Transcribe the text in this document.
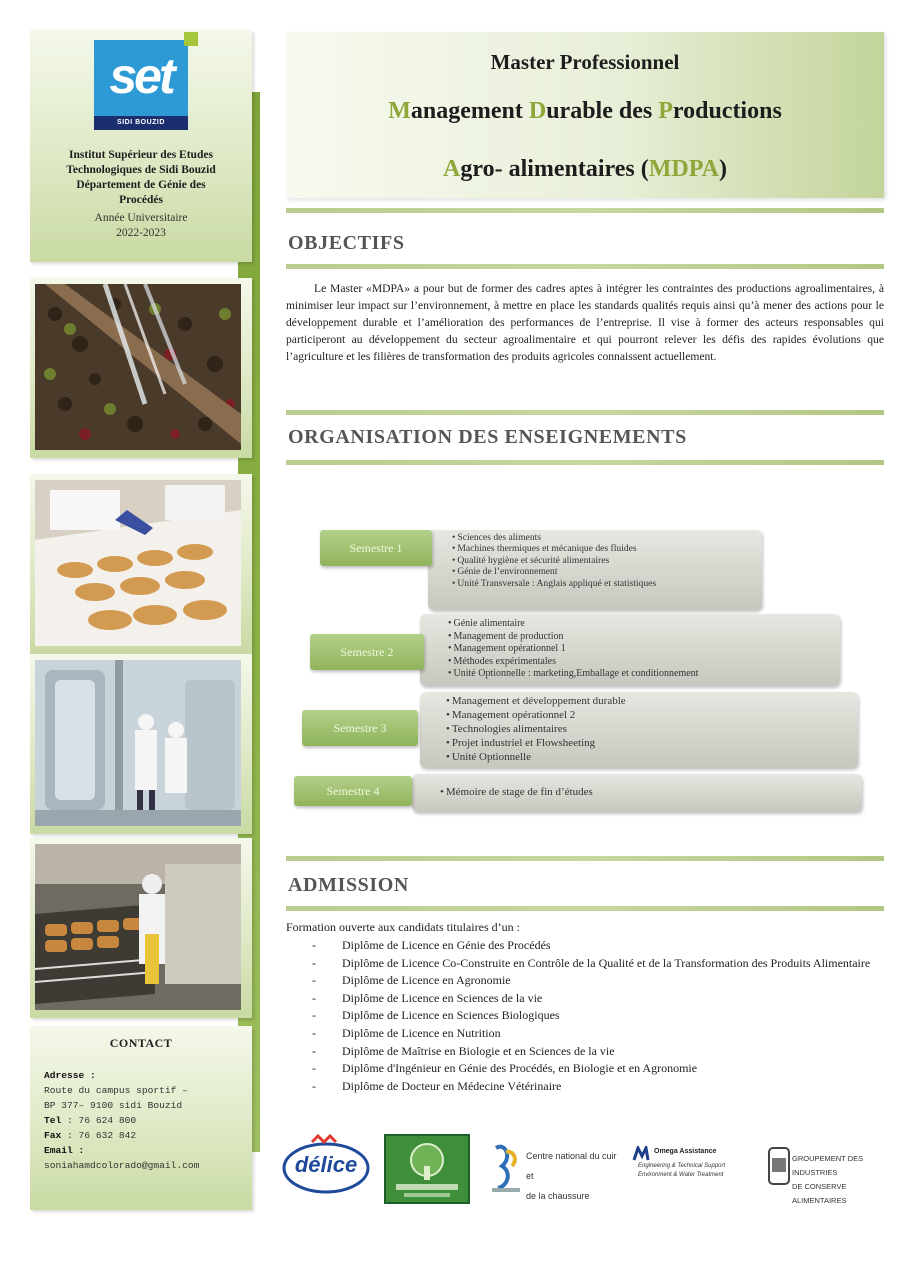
set
SIDI BOUZID
Institut Supérieur des Etudes
Technologiques de Sidi Bouzid
Département de Génie des
Procédés
Année Universitaire
2022-2023
CONTACT
Adresse :
Route du campus sportif –
BP 377– 9100 sidi Bouzid
Tel : 76 624 800
Fax : 76 632 842
Email :
soniahamdcolorado@gmail.com
Master Professionnel
Management Durable des Productions
Agro- alimentaires (MDPA)
OBJECTIFS
Le Master «MDPA» a pour but de former des cadres aptes à intégrer les contraintes des productions agroalimentaires, à minimiser leur impact sur l’environnement, à mettre en place les standards qualités requis ainsi qu’à mener des actions pour le développement durable et l’amélioration des performances de l’entreprise. Il vise à former des acteurs responsables qui participeront au développement du secteur agroalimentaire et qui pourront relever les défis des rapides évolutions que l’agriculture et les filières de transformation des produits agricoles connaissent actuellement.
ORGANISATION DES ENSEIGNEMENTS
Semestre 1
• Sciences des aliments
• Machines thermiques et mécanique des fluides
• Qualité hygiène et sécurité alimentaires
• Génie de l’environnement
• Unité Transversale : Anglais appliqué et statistiques
Semestre 2
• Génie alimentaire
• Management de production
• Management opérationnel 1
• Méthodes expérimentales
• Unité Optionnelle : marketing,Emballage et conditionnement
Semestre 3
• Management et développement durable
• Management opérationnel 2
• Technologies alimentaires
• Projet industriel et Flowsheeting
• Unité Optionnelle
Semestre 4
•	Mémoire de stage de fin d’études
ADMISSION
Formation ouverte aux candidats titulaires d’un :
- Diplôme de Licence en Génie des Procédés
- Diplôme de Licence Co-Construite en Contrôle de la Qualité et de la Transformation des Produits Alimentaire
- Diplôme de Licence en Agronomie
- Diplôme de Licence en Sciences de la vie
- Diplôme de Licence en Sciences Biologiques
- Diplôme de Licence en Nutrition
- Diplôme de Maîtrise en Biologie et en Sciences de la vie
- Diplôme d'Ingénieur en Génie des Procédés, en Biologie et en Agronomie
- Diplôme de Docteur en Médecine Vétérinaire
délice	Centre national du cuir et
de la chaussure
Omega Assistance
Engineering & Technical Support
Environment & Water Treatment
GROUPEMENT DES INDUSTRIES
DE CONSERVE ALIMENTAIRES
